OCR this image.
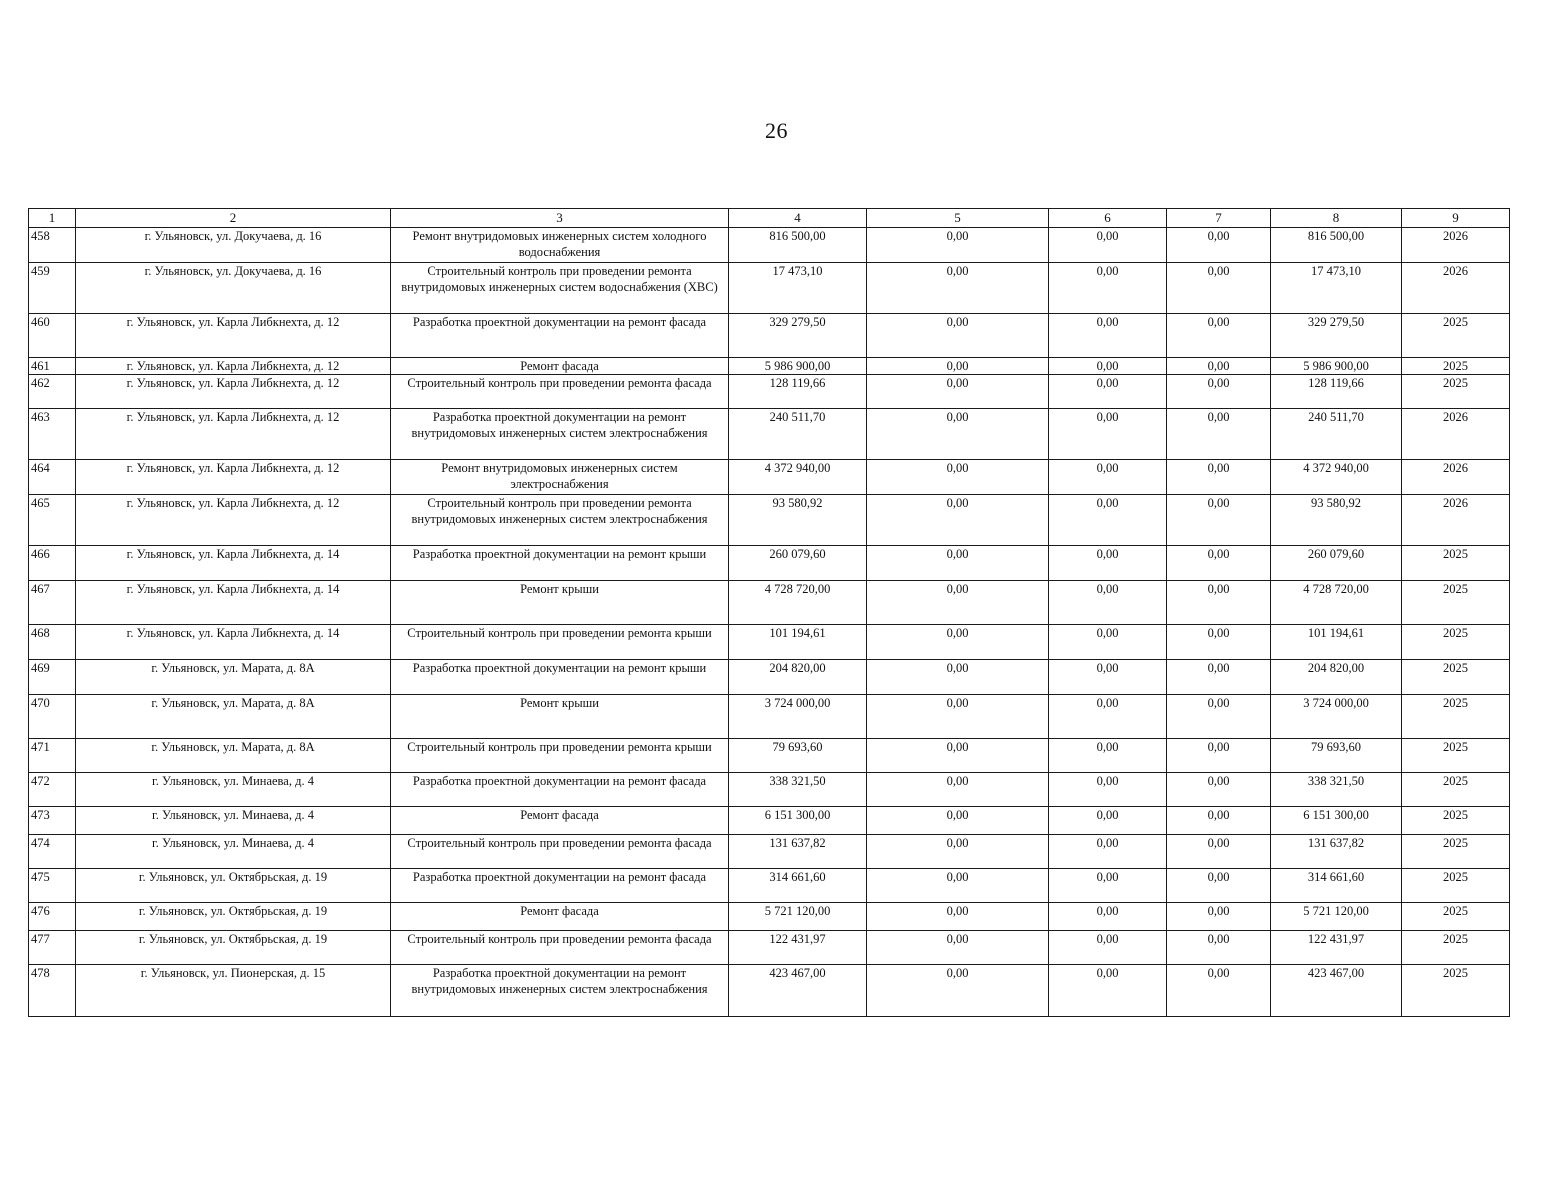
26
1	2	3	4	5	6	7	8	9
458	г. Ульяновск, ул. Докучаева, д. 16	Ремонт внутридомовых инженерных систем холодного водоснабжения	816 500,00	0,00	0,00	0,00	816 500,00	2026
459	г. Ульяновск, ул. Докучаева, д. 16	Строительный контроль при проведении ремонта внутридомовых инженерных систем водоснабжения (ХВС)	17 473,10	0,00	0,00	0,00	17 473,10	2026
460	г. Ульяновск, ул. Карла Либкнехта, д. 12	Разработка проектной документации на ремонт фасада	329 279,50	0,00	0,00	0,00	329 279,50	2025
461	г. Ульяновск, ул. Карла Либкнехта, д. 12	Ремонт фасада	5 986 900,00	0,00	0,00	0,00	5 986 900,00	2025
462	г. Ульяновск, ул. Карла Либкнехта, д. 12	Строительный контроль при проведении ремонта фасада	128 119,66	0,00	0,00	0,00	128 119,66	2025
463	г. Ульяновск, ул. Карла Либкнехта, д. 12	Разработка проектной документации на ремонт внутридомовых инженерных систем электроснабжения	240 511,70	0,00	0,00	0,00	240 511,70	2026
464	г. Ульяновск, ул. Карла Либкнехта, д. 12	Ремонт внутридомовых инженерных систем электроснабжения	4 372 940,00	0,00	0,00	0,00	4 372 940,00	2026
465	г. Ульяновск, ул. Карла Либкнехта, д. 12	Строительный контроль при проведении ремонта внутридомовых инженерных систем электроснабжения	93 580,92	0,00	0,00	0,00	93 580,92	2026
466	г. Ульяновск, ул. Карла Либкнехта, д. 14	Разработка проектной документации на ремонт крыши	260 079,60	0,00	0,00	0,00	260 079,60	2025
467	г. Ульяновск, ул. Карла Либкнехта, д. 14	Ремонт крыши	4 728 720,00	0,00	0,00	0,00	4 728 720,00	2025
468	г. Ульяновск, ул. Карла Либкнехта, д. 14	Строительный контроль при проведении ремонта крыши	101 194,61	0,00	0,00	0,00	101 194,61	2025
469	г. Ульяновск, ул. Марата, д. 8А	Разработка проектной документации на ремонт крыши	204 820,00	0,00	0,00	0,00	204 820,00	2025
470	г. Ульяновск, ул. Марата, д. 8А	Ремонт крыши	3 724 000,00	0,00	0,00	0,00	3 724 000,00	2025
471	г. Ульяновск, ул. Марата, д. 8А	Строительный контроль при проведении ремонта крыши	79 693,60	0,00	0,00	0,00	79 693,60	2025
472	г. Ульяновск, ул. Минаева, д. 4	Разработка проектной документации на ремонт фасада	338 321,50	0,00	0,00	0,00	338 321,50	2025
473	г. Ульяновск, ул. Минаева, д. 4	Ремонт фасада	6 151 300,00	0,00	0,00	0,00	6 151 300,00	2025
474	г. Ульяновск, ул. Минаева, д. 4	Строительный контроль при проведении ремонта фасада	131 637,82	0,00	0,00	0,00	131 637,82	2025
475	г. Ульяновск, ул. Октябрьская, д. 19	Разработка проектной документации на ремонт фасада	314 661,60	0,00	0,00	0,00	314 661,60	2025
476	г. Ульяновск, ул. Октябрьская, д. 19	Ремонт фасада	5 721 120,00	0,00	0,00	0,00	5 721 120,00	2025
477	г. Ульяновск, ул. Октябрьская, д. 19	Строительный контроль при проведении ремонта фасада	122 431,97	0,00	0,00	0,00	122 431,97	2025
478	г. Ульяновск, ул. Пионерская, д. 15	Разработка проектной документации на ремонт внутридомовых инженерных систем электроснабжения	423 467,00	0,00	0,00	0,00	423 467,00	2025
